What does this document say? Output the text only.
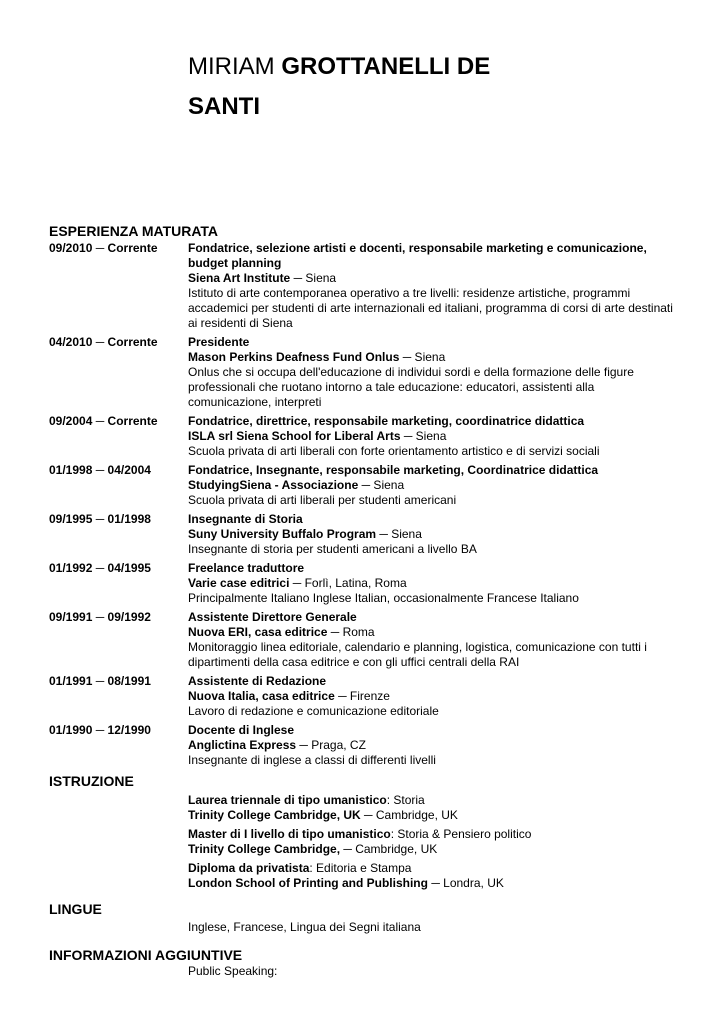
MIRIAM GROTTANELLI DE
SANTI
ESPERIENZA MATURATA
09/2010 ─ Corrente	Fondatrice, selezione artisti e docenti, responsabile marketing e comunicazione, budget planning
Siena Art Institute ─ Siena
Istituto di arte contemporanea operativo a tre livelli: residenze artistiche, programmi accademici per studenti di arte internazionali ed italiani, programma di corsi di arte destinati ai residenti di Siena
04/2010 ─ Corrente	Presidente
Mason Perkins Deafness Fund Onlus ─ Siena
Onlus che si occupa dell'educazione di individui sordi e della formazione delle figure professionali che ruotano intorno a tale educazione: educatori, assistenti alla comunicazione, interpreti
09/2004 ─ Corrente	Fondatrice, direttrice, responsabile marketing, coordinatrice didattica
ISLA srl Siena School for Liberal Arts ─ Siena
Scuola privata di arti liberali con forte orientamento artistico e di servizi sociali
01/1998 ─ 04/2004	Fondatrice, Insegnante, responsabile marketing, Coordinatrice didattica
StudyingSiena - Associazione ─ Siena
Scuola privata di arti liberali per studenti americani
09/1995 ─ 01/1998	Insegnante di Storia
Suny University Buffalo Program ─ Siena
Insegnante di storia per studenti americani a livello BA
01/1992 ─ 04/1995	Freelance traduttore
Varie case editrici ─ Forlì, Latina, Roma
Principalmente Italiano Inglese Italian, occasionalmente Francese Italiano
09/1991 ─ 09/1992	Assistente Direttore Generale
Nuova ERI, casa editrice ─ Roma
Monitoraggio linea editoriale, calendario e planning, logistica, comunicazione con tutti i dipartimenti della casa editrice e con gli uffici centrali della RAI
01/1991 ─ 08/1991	Assistente di Redazione
Nuova Italia, casa editrice ─ Firenze
Lavoro di redazione e comunicazione editoriale
01/1990 ─ 12/1990	Docente di Inglese
Anglictina Express ─ Praga, CZ
Insegnante di inglese a classi di differenti livelli
ISTRUZIONE
Laurea triennale di tipo umanistico: Storia
Trinity College Cambridge, UK ─ Cambridge, UK
Master di I livello di tipo umanistico: Storia & Pensiero politico
Trinity College Cambridge, ─ Cambridge, UK
Diploma da privatista: Editoria e Stampa
London School of Printing and Publishing ─ Londra, UK
LINGUE
Inglese, Francese, Lingua dei Segni italiana
INFORMAZIONI AGGIUNTIVE
Public Speaking:
